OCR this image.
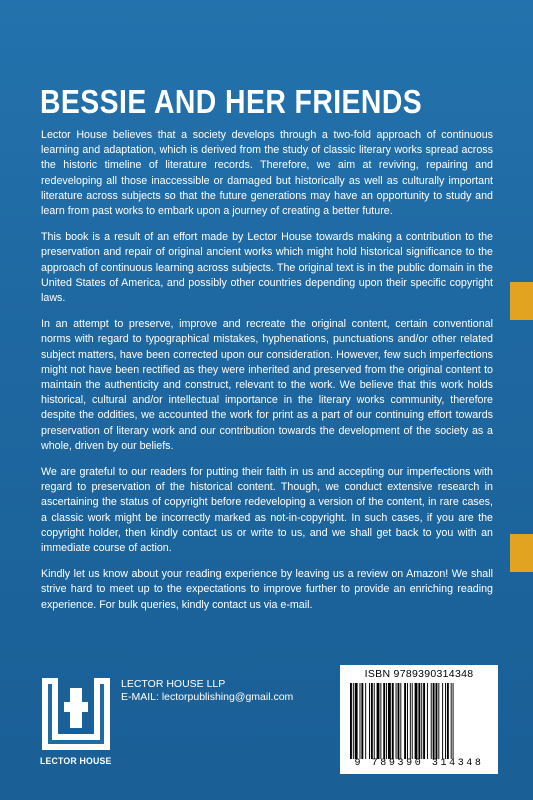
BESSIE AND HER FRIENDS

Lector House believes that a society develops through a two-fold approach of continuous learning and adaptation, which is derived from the study of classic literary works spread across the historic timeline of literature records. Therefore, we aim at reviving, repairing and redeveloping all those inaccessible or damaged but historically as well as culturally important literature across subjects so that the future generations may have an opportunity to study and learn from past works to embark upon a journey of creating a better future.

This book is a result of an effort made by Lector House towards making a contribution to the preservation and repair of original ancient works which might hold historical significance to the approach of continuous learning across subjects. The original text is in the public domain in the United States of America, and possibly other countries depending upon their specific copyright laws.

In an attempt to preserve, improve and recreate the original content, certain conventional norms with regard to typographical mistakes, hyphenations, punctuations and/or other related subject matters, have been corrected upon our consideration. However, few such imperfections might not have been rectified as they were inherited and preserved from the original content to maintain the authenticity and construct, relevant to the work. We believe that this work holds historical, cultural and/or intellectual importance in the literary works community, therefore despite the oddities, we accounted the work for print as a part of our continuing effort towards preservation of literary work and our contribution towards the development of the society as a whole, driven by our beliefs.

We are grateful to our readers for putting their faith in us and accepting our imperfections with regard to preservation of the historical content. Though, we conduct extensive research in ascertaining the status of copyright before redeveloping a version of the content, in rare cases, a classic work might be incorrectly marked as not-in-copyright. In such cases, if you are the copyright holder, then kindly contact us or write to us, and we shall get back to you with an immediate course of action.

Kindly let us know about your reading experience by leaving us a review on Amazon! We shall strive hard to meet up to the expectations to improve further to provide an enriching reading experience. For bulk queries, kindly contact us via e-mail.

LECTOR HOUSE
LECTOR HOUSE LLP
E-MAIL: lectorpublishing@gmail.com
ISBN 9789390314348
9 789390 314348
